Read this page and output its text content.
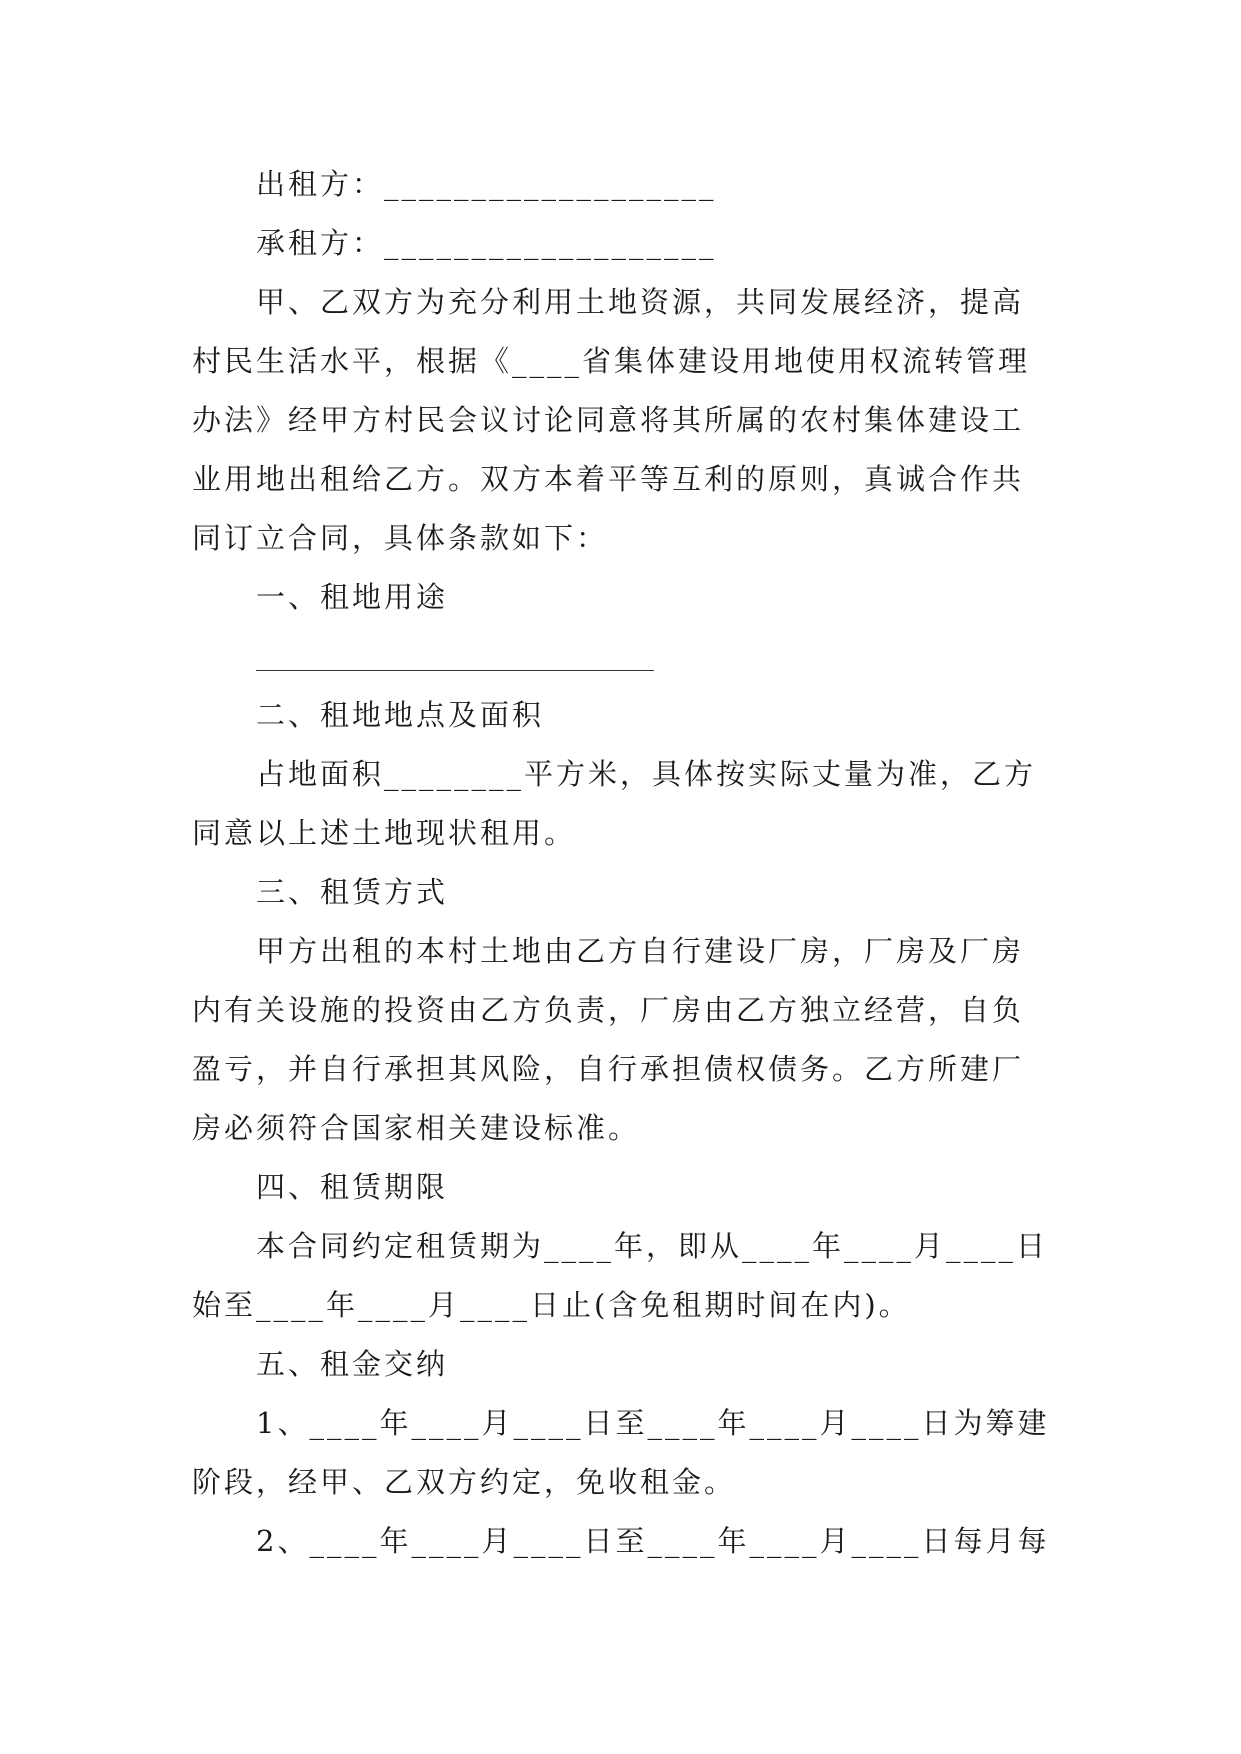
出租方：___________________
承租方：___________________
甲、乙双方为充分利用土地资源，共同发展经济，提高
村民生活水平，根据《____省集体建设用地使用权流转管理
办法》经甲方村民会议讨论同意将其所属的农村集体建设工
业用地出租给乙方。双方本着平等互利的原则，真诚合作共
同订立合同，具体条款如下：
一、租地用途
二、租地地点及面积
占地面积________平方米，具体按实际丈量为准，乙方
同意以上述土地现状租用。
三、租赁方式
甲方出租的本村土地由乙方自行建设厂房，厂房及厂房
内有关设施的投资由乙方负责，厂房由乙方独立经营，自负
盈亏，并自行承担其风险，自行承担债权债务。乙方所建厂
房必须符合国家相关建设标准。
四、租赁期限
本合同约定租赁期为____年，即从____年____月____日
始至____年____月____日止(含免租期时间在内)。
五、租金交纳
1、____年____月____日至____年____月____日为筹建
阶段，经甲、乙双方约定，免收租金。
2、____年____月____日至____年____月____日每月每
